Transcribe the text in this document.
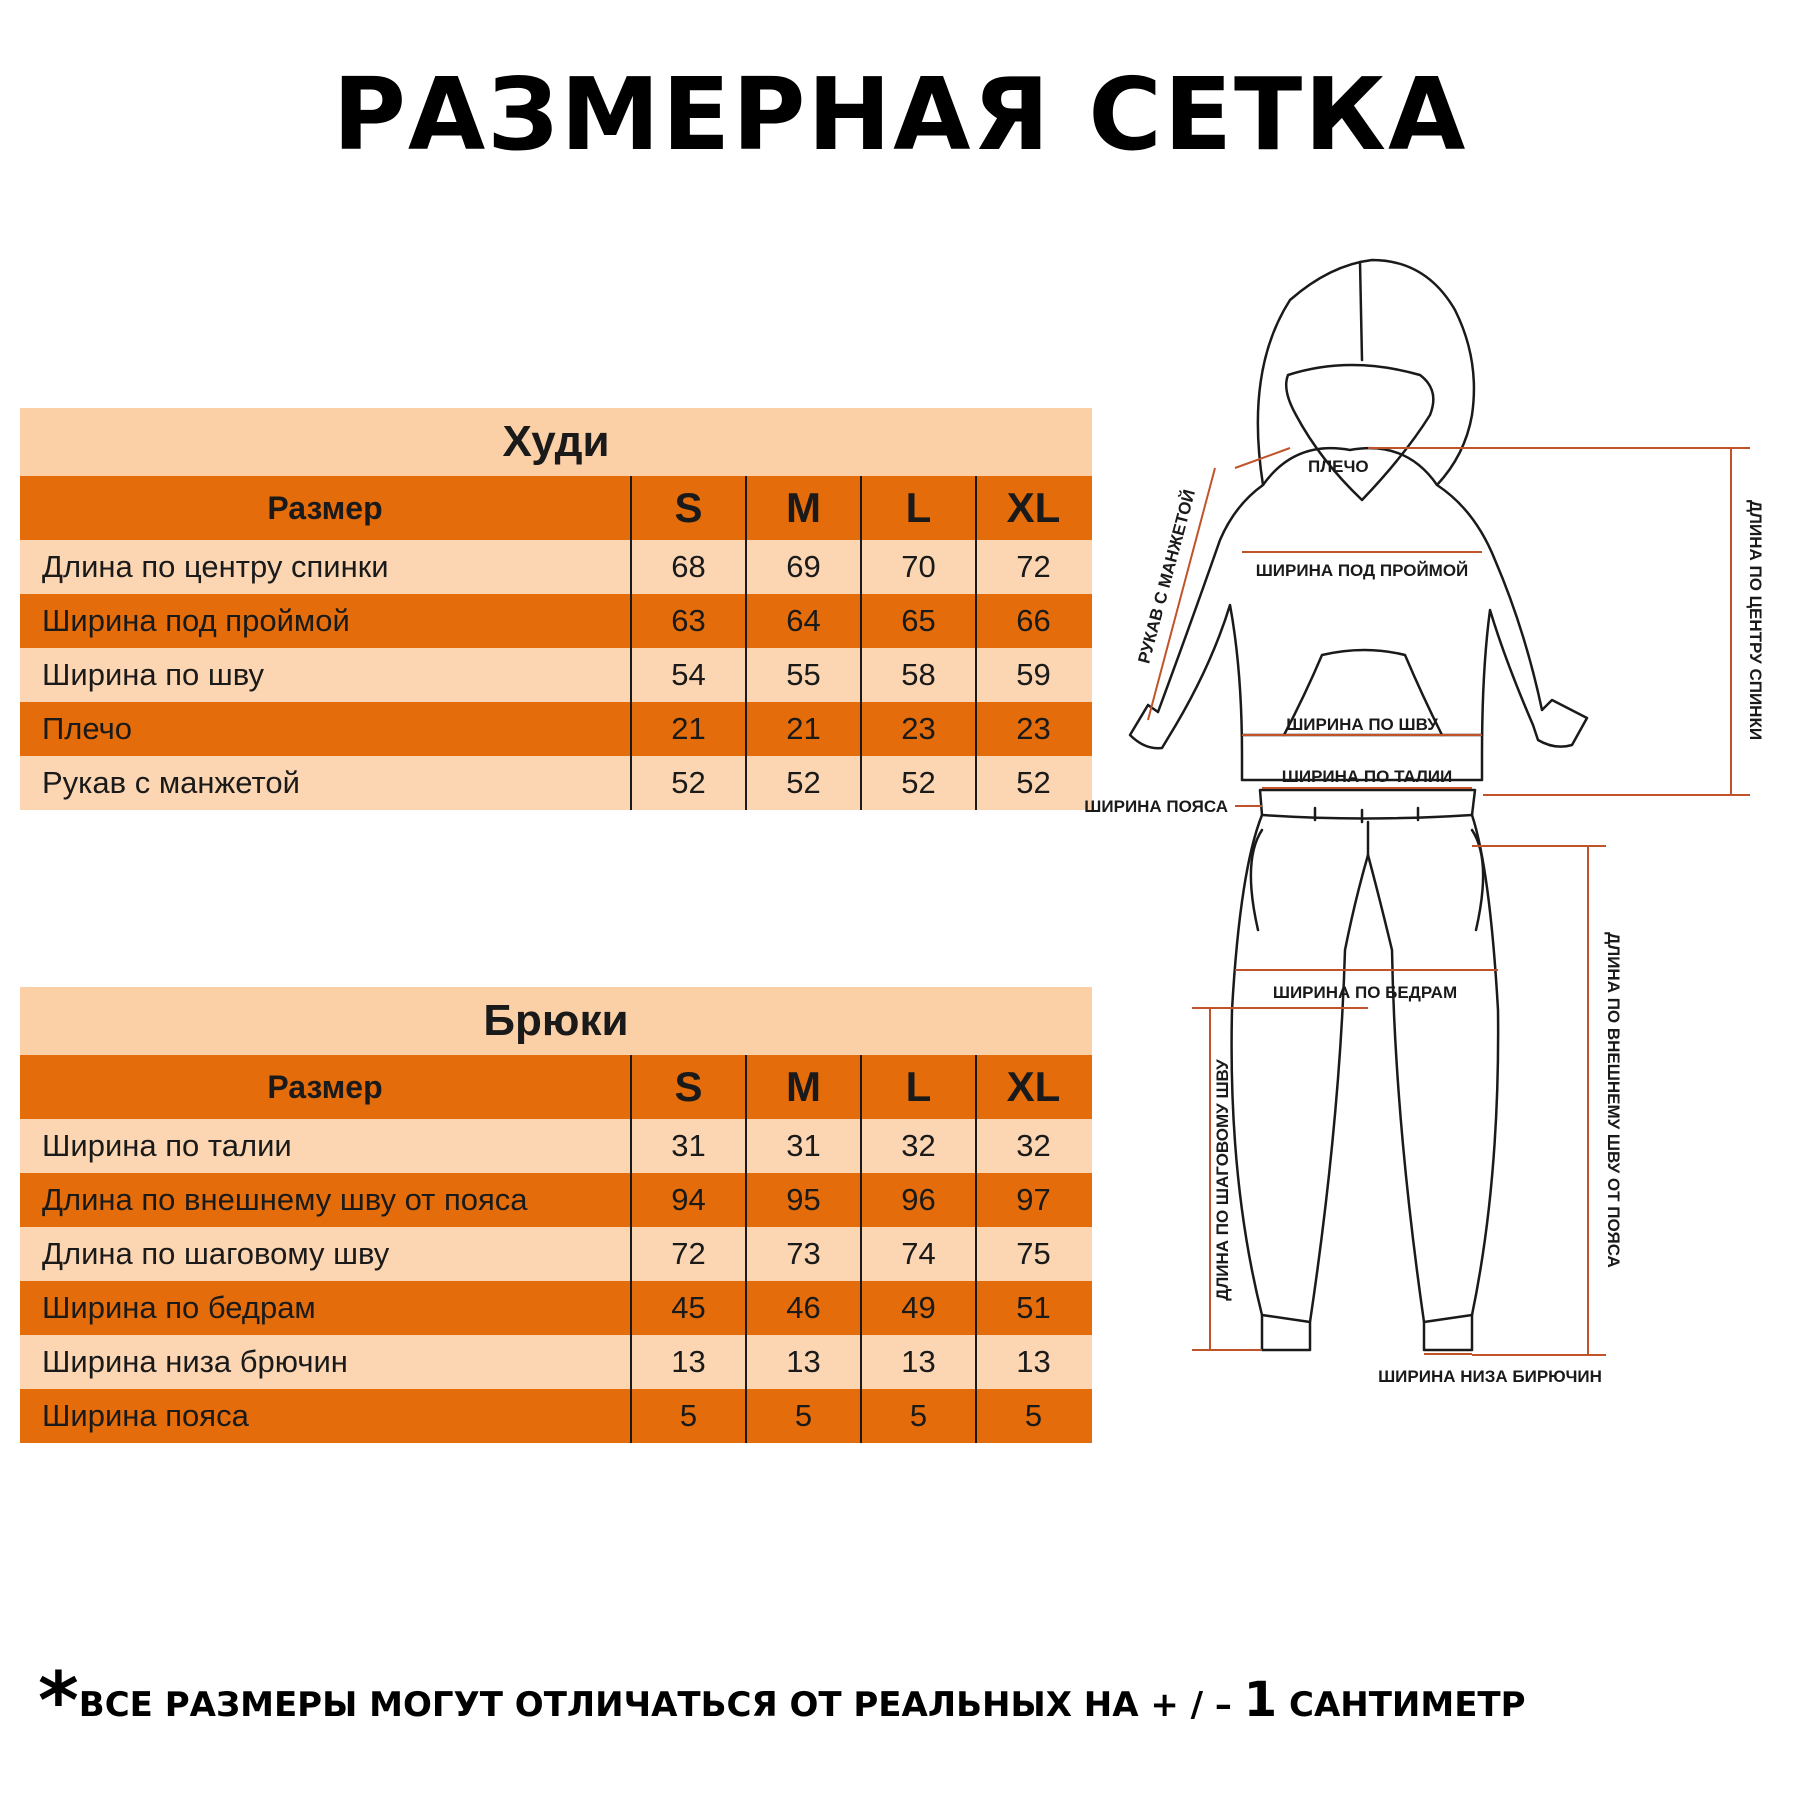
РАЗМЕРНАЯ СЕТКА
Худи
Размер	S	M	L	XL
Длина по центру спинки	68	69	70	72
Ширина под проймой	63	64	65	66
Ширина по шву	54	55	58	59
Плечо	21	21	23	23
Рукав с манжетой	52	52	52	52
Брюки
Размер	S	M	L	XL
Ширина по талии	31	31	32	32
Длина по внешнему шву от пояса	94	95	96	97
Длина по шаговому шву	72	73	74	75
Ширина по бедрам	45	46	49	51
Ширина низа брючин	13	13	13	13
Ширина пояса	5	5	5	5
ПЛЕЧО
ШИРИНА ПОД ПРОЙМОЙ
ШИРИНА ПО ШВУ
РУКАВ С МАНЖЕТОЙ	ДЛИНА ПО ЦЕНТРУ СПИНКИ
ШИРИНА ПО ТАЛИИ
ШИРИНА ПОЯСА
ШИРИНА ПО БЕДРАМ
ДЛИНА ПО ШАГОВОМУ ШВУ	ДЛИНА ПО ВНЕШНЕМУ ШВУ ОТ ПОЯСА
ШИРИНА НИЗА БИРЮЧИН
*ВСЕ РАЗМЕРЫ МОГУТ ОТЛИЧАТЬСЯ ОТ РЕАЛЬНЫХ НА + / – 1 САНТИМЕТР
